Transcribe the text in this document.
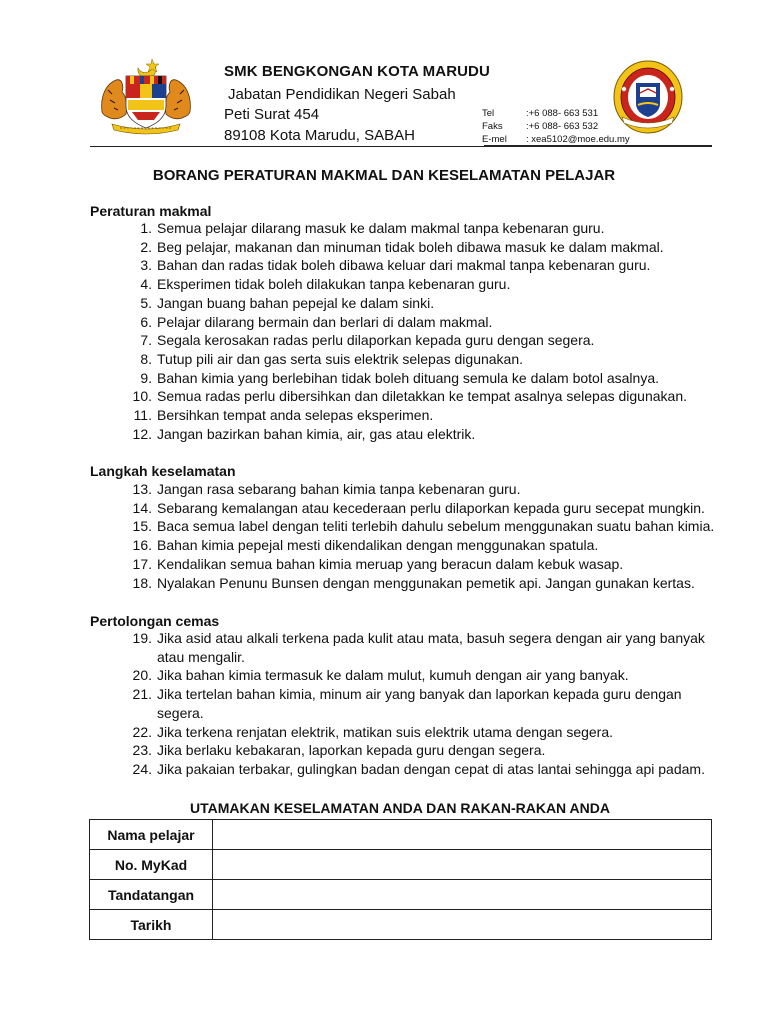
SMK BENGKONGAN KOTA MARUDU
Jabatan Pendidikan Negeri Sabah
Peti Surat 454
89108 Kota Marudu, SABAH
Tel	:+6 088- 663 531
Faks	:+6 088- 663 532
E-mel	: xea5102@moe.edu.my
BORANG PERATURAN MAKMAL DAN KESELAMATAN PELAJAR
Peraturan makmal
Langkah keselamatan
Pertolongan cemas
1. Semua pelajar dilarang masuk ke dalam makmal tanpa kebenaran guru.
2. Beg pelajar, makanan dan minuman tidak boleh dibawa masuk ke dalam makmal.
3. Bahan dan radas tidak boleh dibawa keluar dari makmal tanpa kebenaran guru.
4. Eksperimen tidak boleh dilakukan tanpa kebenaran guru.
5. Jangan buang bahan pepejal ke dalam sinki.
6. Pelajar dilarang bermain dan berlari di dalam makmal.
7. Segala kerosakan radas perlu dilaporkan kepada guru dengan segera.
8. Tutup pili air dan gas serta suis elektrik selepas digunakan.
9. Bahan kimia yang berlebihan tidak boleh dituang semula ke dalam botol asalnya.
10. Semua radas perlu dibersihkan dan diletakkan ke tempat asalnya selepas digunakan.
11. Bersihkan tempat anda selepas eksperimen.
12. Jangan bazirkan bahan kimia, air, gas atau elektrik.
13. Jangan rasa sebarang bahan kimia tanpa kebenaran guru.
14. Sebarang kemalangan atau kecederaan perlu dilaporkan kepada guru secepat mungkin.
15. Baca semua label dengan teliti terlebih dahulu sebelum menggunakan suatu bahan kimia.
16. Bahan kimia pepejal mesti dikendalikan dengan menggunakan spatula.
17. Kendalikan semua bahan kimia meruap yang beracun dalam kebuk wasap.
18. Nyalakan Penunu Bunsen dengan menggunakan pemetik api. Jangan gunakan kertas.
19. Jika asid atau alkali terkena pada kulit atau mata, basuh segera dengan air yang banyak atau mengalir.
20. Jika bahan kimia termasuk ke dalam mulut, kumuh dengan air yang banyak.
21. Jika tertelan bahan kimia, minum air yang banyak dan laporkan kepada guru dengan segera.
22. Jika terkena renjatan elektrik, matikan suis elektrik utama dengan segera.
23. Jika berlaku kebakaran, laporkan kepada guru dengan segera.
24. Jika pakaian terbakar, gulingkan badan dengan cepat di atas lantai sehingga api padam.
UTAMAKAN KESELAMATAN ANDA DAN RAKAN-RAKAN ANDA
Nama pelajar	
No. MyKad	
Tandatangan	
Tarikh	
